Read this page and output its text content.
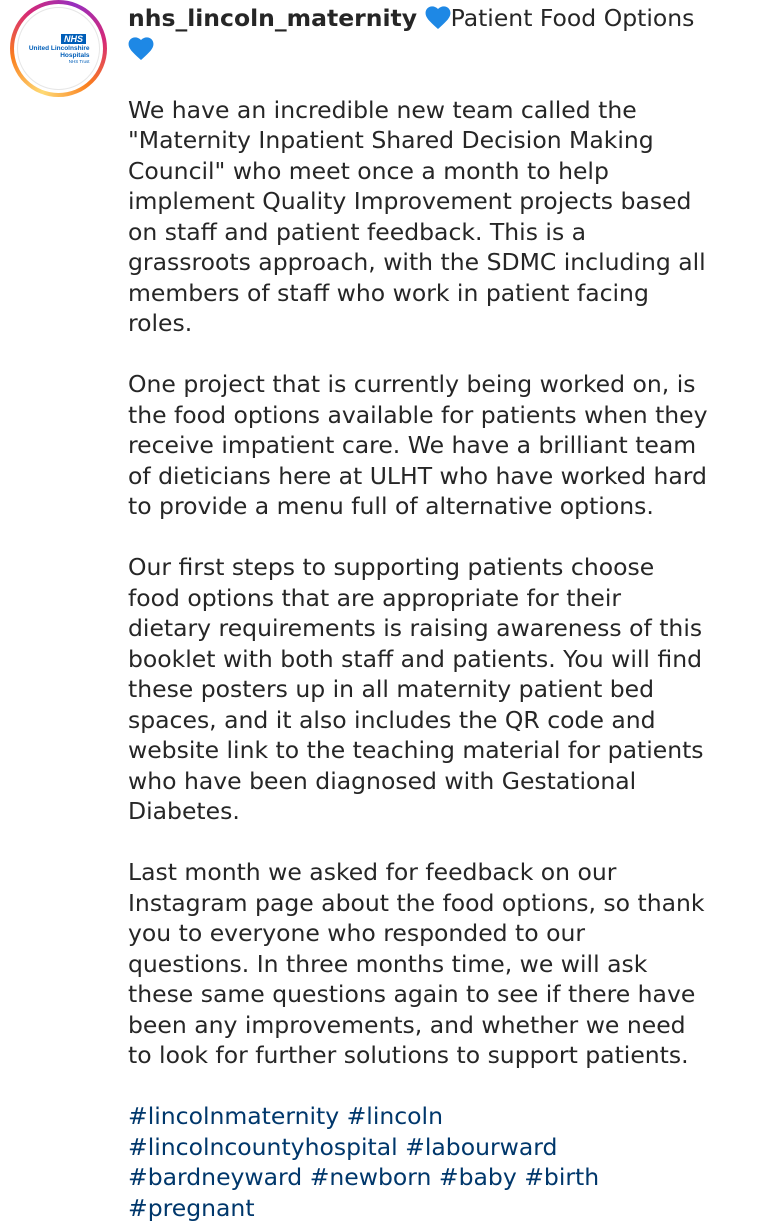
NHS
United Lincolnshire
Hospitals
NHS Trust
nhs_lincoln_maternity Patient Food Options

We have an incredible new team called the "Maternity Inpatient Shared Decision Making Council" who meet once a month to help implement Quality Improvement projects based on staff and patient feedback. This is a grassroots approach, with the SDMC including all members of staff who work in patient facing roles.

One project that is currently being worked on, is the food options available for patients when they receive impatient care. We have a brilliant team of dieticians here at ULHT who have worked hard to provide a menu full of alternative options.

Our first steps to supporting patients choose food options that are appropriate for their dietary requirements is raising awareness of this booklet with both staff and patients. You will find these posters up in all maternity patient bed spaces, and it also includes the QR code and website link to the teaching material for patients who have been diagnosed with Gestational Diabetes.

Last month we asked for feedback on our Instagram page about the food options, so thank you to everyone who responded to our questions. In three months time, we will ask these same questions again to see if there have been any improvements, and whether we need to look for further solutions to support patients.

#lincolnmaternity #lincoln
#lincolncountyhospital #labourward
#bardneyward #newborn #baby #birth #pregnant
